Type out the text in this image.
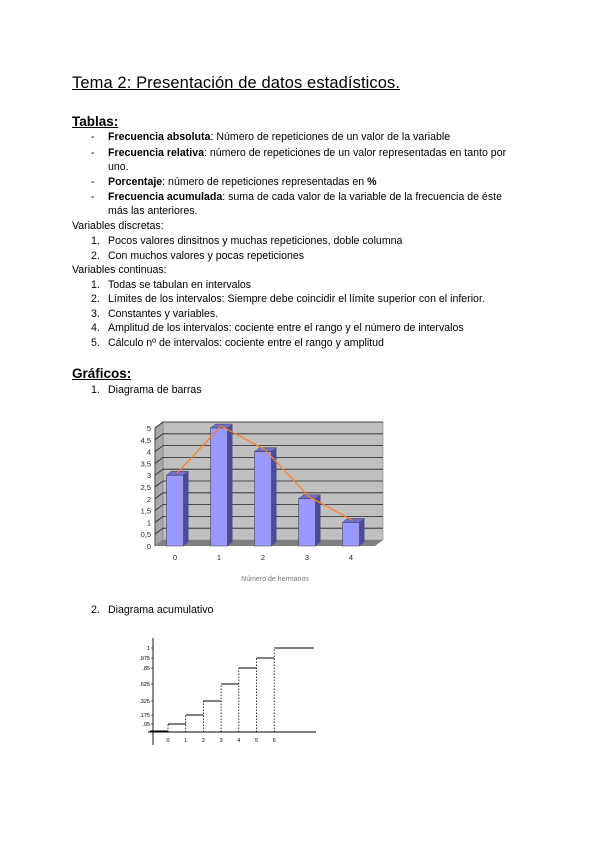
Tema 2: Presentación de datos estadísticos.
Tablas:
- Frecuencia absoluta: Número de repeticiones de un valor de la variable
- Frecuencia relativa: número de repeticiones de un valor representadas en tanto por
uno.
- Porcentaje: número de repeticiones representadas en %
- Frecuencia acumulada: suma de cada valor de la variable de la frecuencia de éste
más las anteriores.
Variables discretas:
1. Pocos valores dinsitnos y muchas repeticiones, doble columna
2. Con muchos valores y pocas repeticiones
Variables continuas:
1. Todas se tabulan en intervalos
2. Límites de los intervalos: Siempre debe coincidir el límite superior con el inferior.
3. Constantes y variables.
4. Amplitud de los intervalos: cociente entre el rango y el número de intervalos
5. Cálculo nº de intervalos: cociente entre el rango y amplitud
Gráficos:
1. Diagrama de barras
2. Diagrama acumulativo
0
0,5
1
1,5
2
2,5
3
3,5
4
4,5
5
0	1	2	3	4
Número de hermanos
0	1	2	3	4	5	6
1
.975
.85
.625
.325
.175
.05
